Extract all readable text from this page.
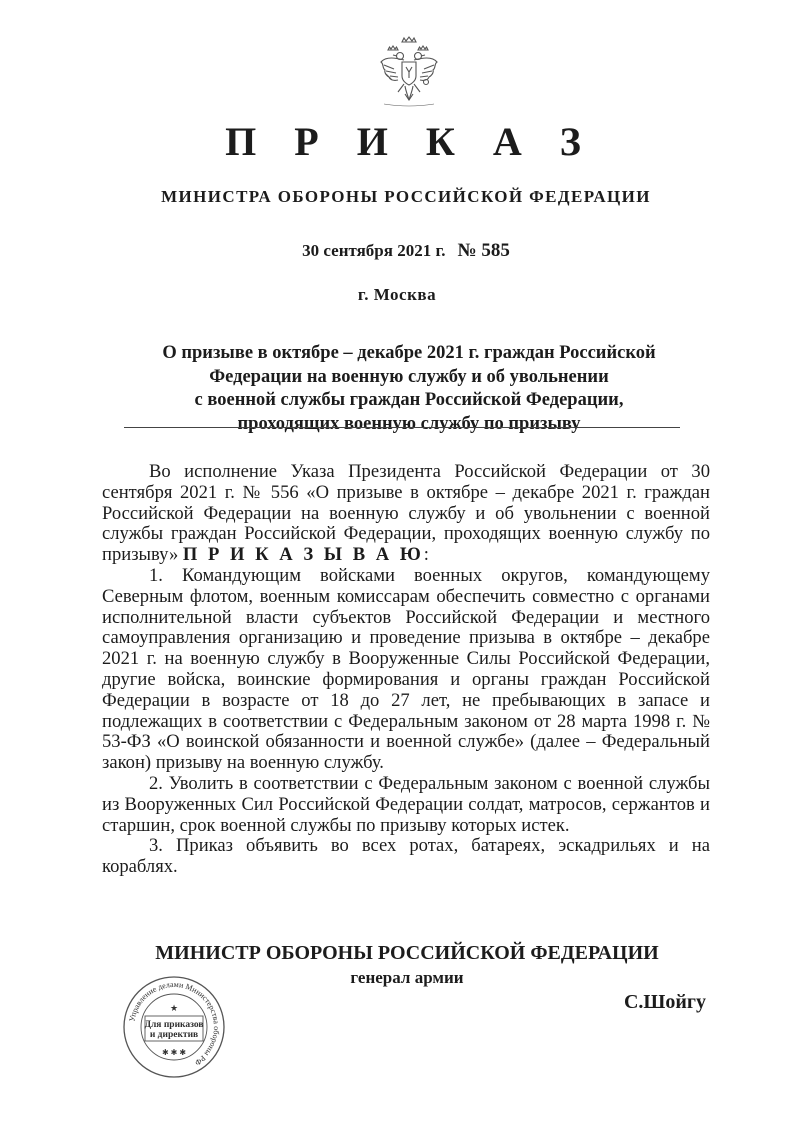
П Р И К А З
МИНИСТРА ОБОРОНЫ РОССИЙСКОЙ ФЕДЕРАЦИИ
30 сентября 2021 г. № 585
г. Москва
О призыве в октябре – декабре 2021 г. граждан Российской
Федерации на военную службу и об увольнении
с военной службы граждан Российской Федерации,
проходящих военную службу по призыву

Во исполнение Указа Президента Российской Федерации от 30 сентября 2021 г. № 556 «О призыве в октябре – декабре 2021 г. граждан Российской Федерации на военную службу и об увольнении с военной службы граждан Российской Федерации, проходящих военную службу по призыву» П Р И К А З Ы В А Ю:

1. Командующим войсками военных округов, командующему Северным флотом, военным комиссарам обеспечить совместно с органами исполнительной власти субъектов Российской Федерации и местного самоуправления организацию и проведение призыва в октябре – декабре 2021 г. на военную службу в Вооруженные Силы Российской Федерации, другие войска, воинские формирования и органы граждан Российской Федерации в возрасте от 18 до 27 лет, не пребывающих в запасе и подлежащих в соответствии с Федеральным законом от 28 марта 1998 г. № 53-ФЗ «О воинской обязанности и военной службе» (далее – Федеральный закон) призыву на военную службу.

2. Уволить в соответствии с Федеральным законом с военной службы из Вооруженных Сил Российской Федерации солдат, матросов, сержантов и старшин, срок военной службы по призыву которых истек.

3. Приказ объявить во всех ротах, батареях, эскадрильях и на кораблях.

МИНИСТР ОБОРОНЫ РОССИЙСКОЙ ФЕДЕРАЦИИ
генерал армии
С.Шойгу
Управление делами Министерства обороны РФ
★
Для приказов
и директив
✱ ✱ ✱
